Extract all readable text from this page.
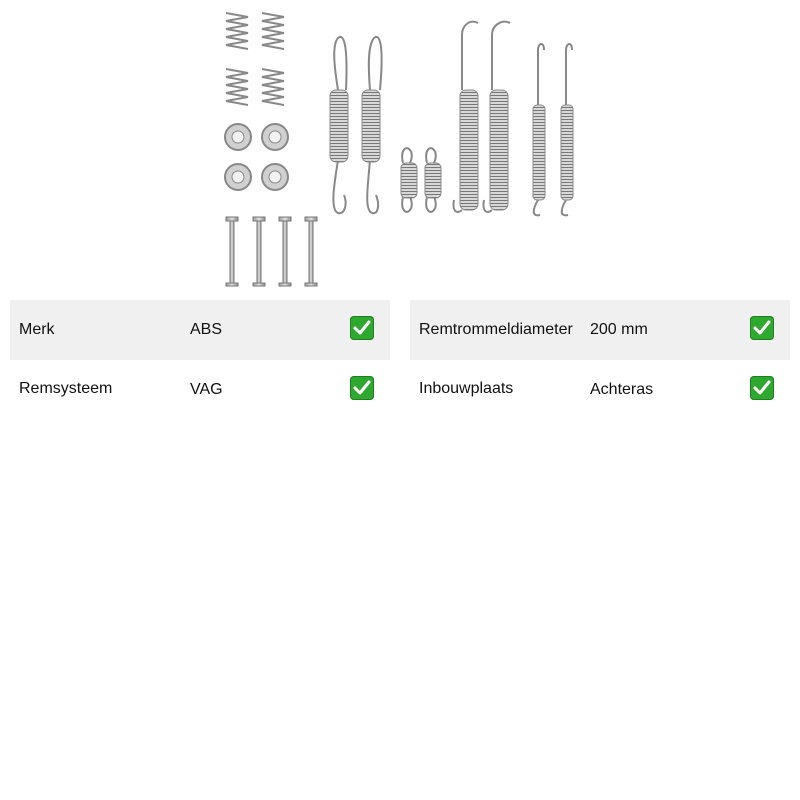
Merk	ABS
Remsysteem	VAG
Remtrommeldiameter 200 mm
Inbouwplaats	Achteras
